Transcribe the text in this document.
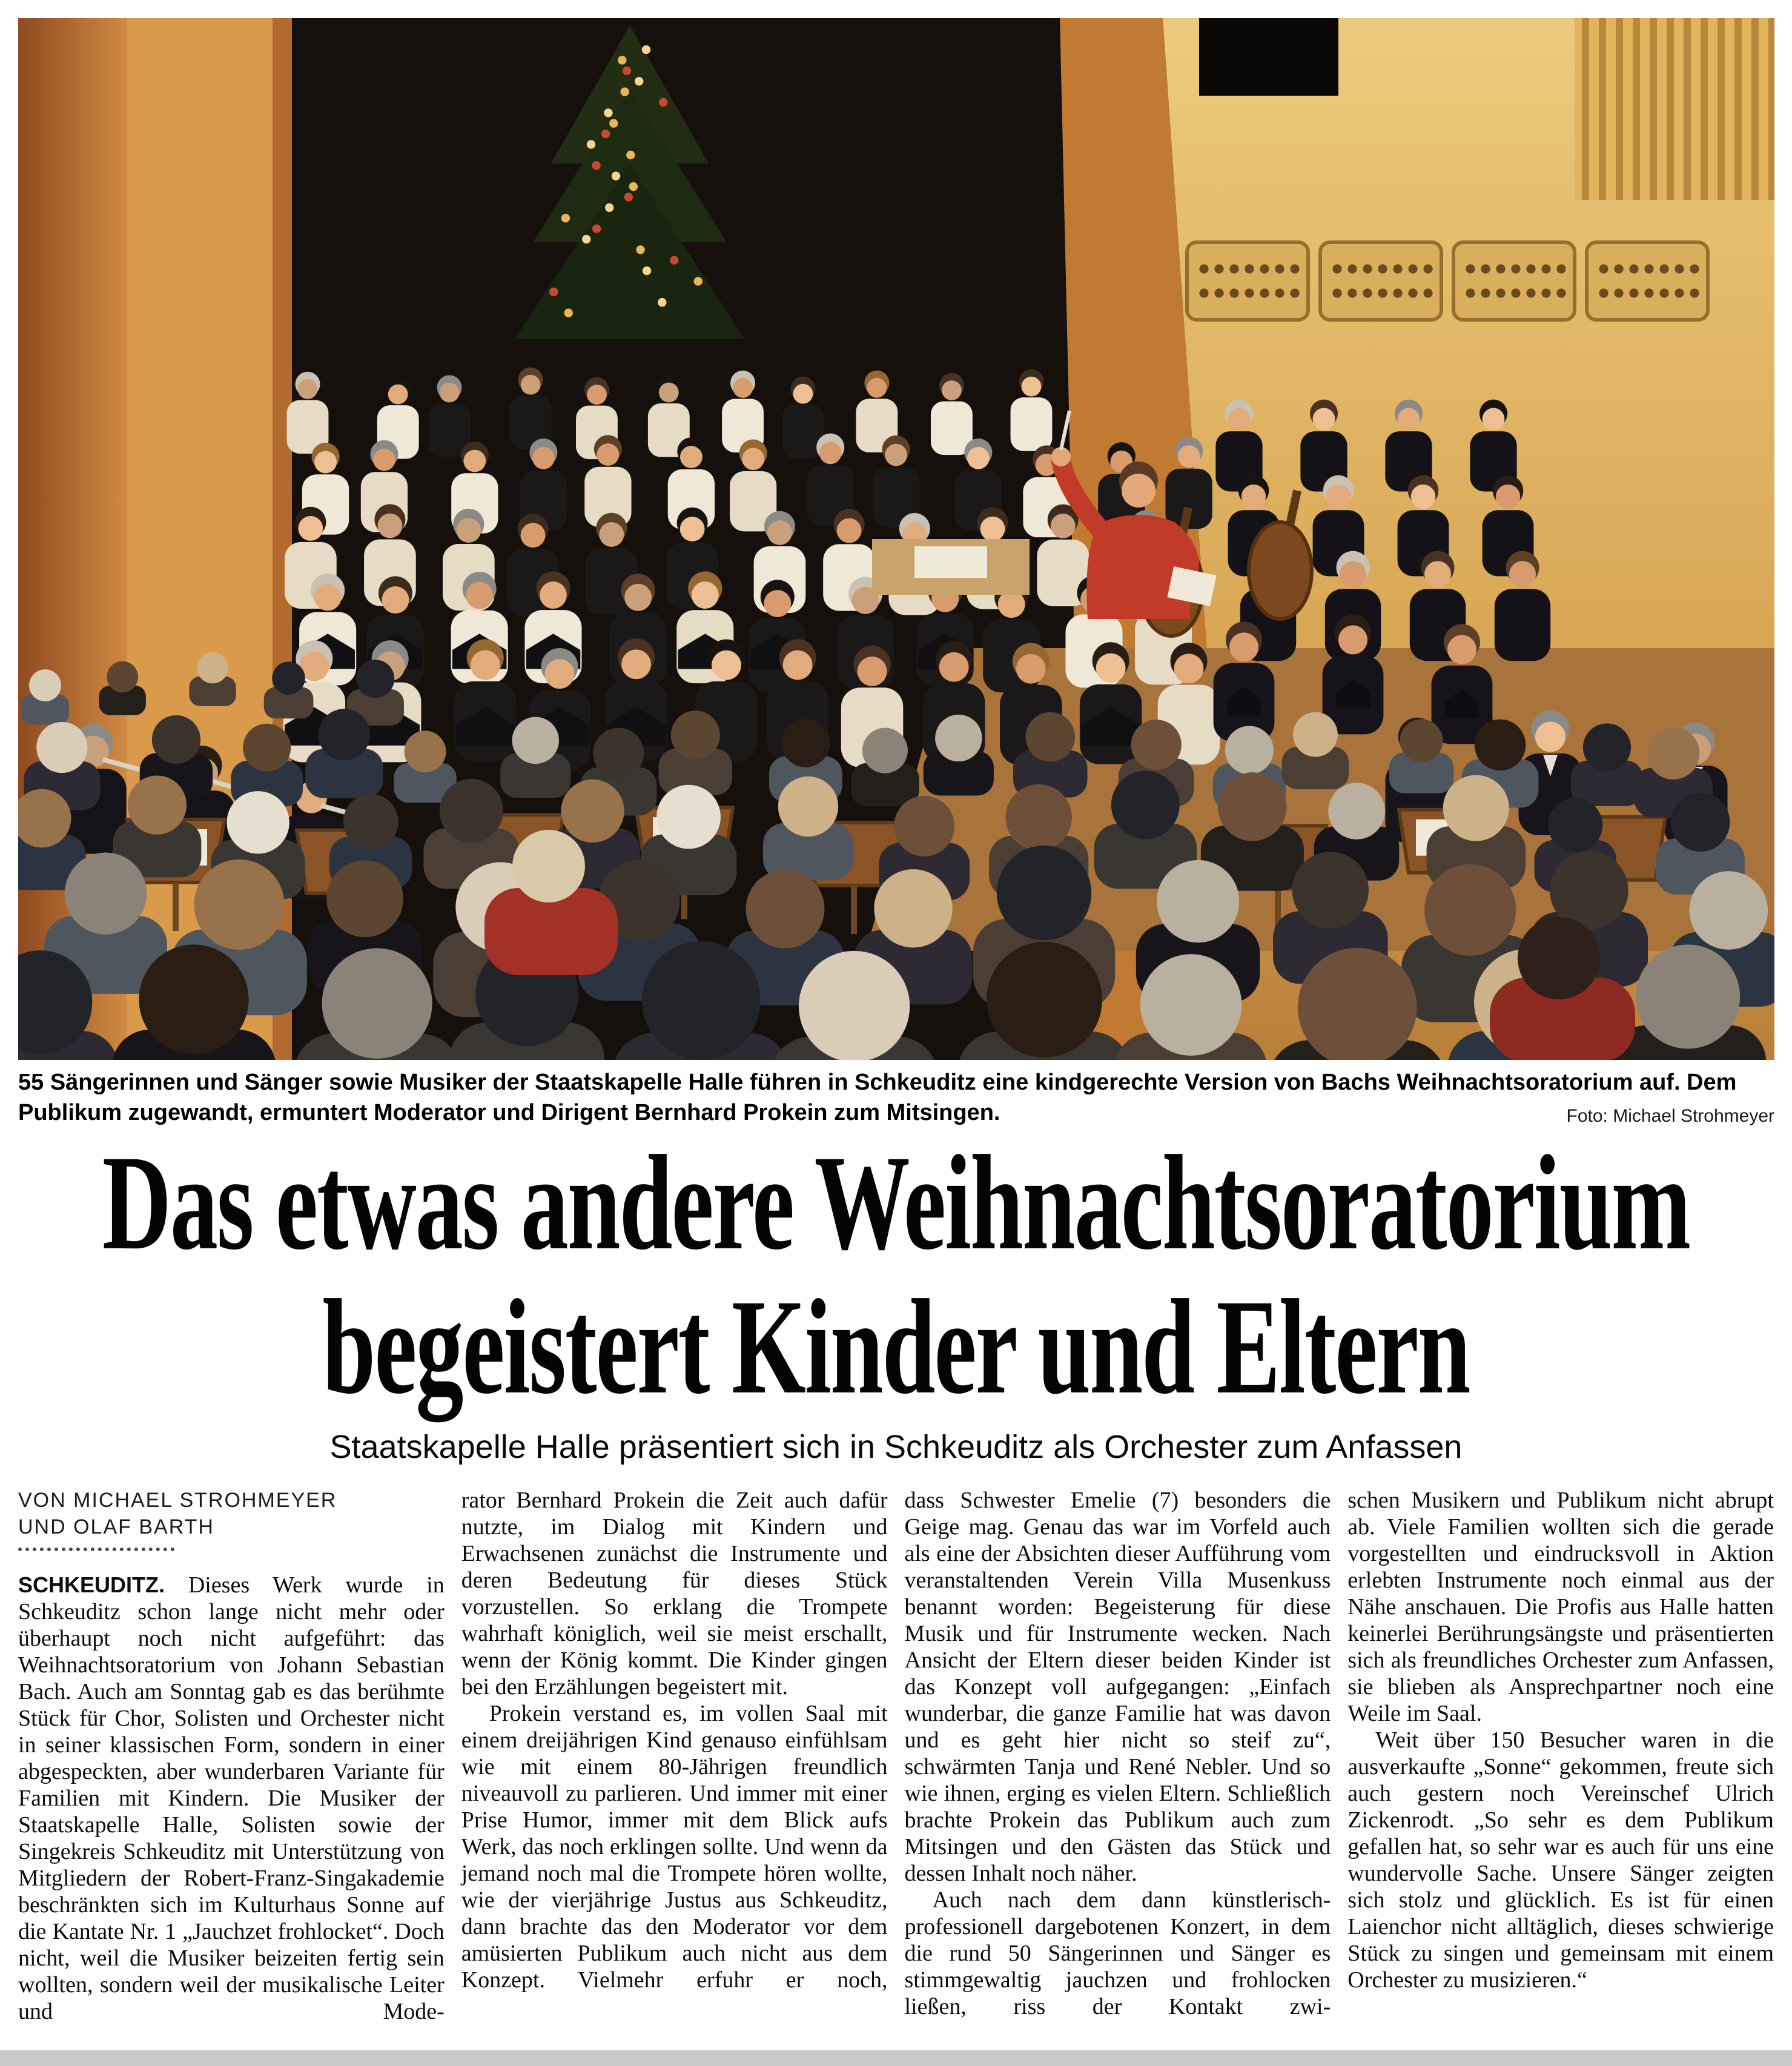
55 Sängerinnen und Sänger sowie Musiker der Staatskapelle Halle führen in Schkeuditz eine kindgerechte Version von Bachs Weihnachtsoratorium auf. Dem Publikum zugewandt, ermuntert Moderator und Dirigent Bernhard Prokein zum Mitsingen.	Foto: Michael Strohmeyer
Das etwas andere Weihnachtsoratorium
begeistert Kinder und Eltern
Staatskapelle Halle präsentiert sich in Schkeuditz als Orchester zum Anfassen
VON MICHAEL STROHMEYER
UND OLAF BARTH

SCHKEUDITZ. Dieses Werk wurde in Schkeuditz schon lange nicht mehr oder überhaupt noch nicht aufgeführt: das Weihnachtsoratorium von Johann Sebastian Bach. Auch am Sonntag gab es das berühmte Stück für Chor, Solisten und Orchester nicht in seiner klassischen Form, sondern in einer abgespeckten, aber wunderbaren Variante für Familien mit Kindern. Die Musiker der Staatskapelle Halle, Solisten sowie der Singekreis Schkeuditz mit Unterstützung von Mitgliedern der Robert-Franz-Singakademie beschränkten sich im Kulturhaus Sonne auf die Kantate Nr. 1 „Jauchzet frohlocket“. Doch nicht, weil die Musiker beizeiten fertig sein wollten, sondern weil der musikalische Leiter und Mode-

rator Bernhard Prokein die Zeit auch dafür nutzte, im Dialog mit Kindern und Erwachsenen zunächst die Instrumente und deren Bedeutung für dieses Stück vorzustellen. So erklang die Trompete wahrhaft königlich, weil sie meist erschallt, wenn der König kommt. Die Kinder gingen bei den Erzählungen begeistert mit.

Prokein verstand es, im vollen Saal mit einem dreijährigen Kind genauso einfühlsam wie mit einem 80-Jährigen freundlich niveauvoll zu parlieren. Und immer mit einer Prise Humor, immer mit dem Blick aufs Werk, das noch erklingen sollte. Und wenn da jemand noch mal die Trompete hören wollte, wie der vierjährige Justus aus Schkeuditz, dann brachte das den Moderator vor dem amüsierten Publikum auch nicht aus dem Konzept. Vielmehr erfuhr er noch,

dass Schwester Emelie (7) besonders die Geige mag. Genau das war im Vorfeld auch als eine der Absichten dieser Aufführung vom veranstaltenden Verein Villa Musenkuss benannt worden: Begeisterung für diese Musik und für Instrumente wecken. Nach Ansicht der Eltern dieser beiden Kinder ist das Konzept voll aufgegangen: „Einfach wunderbar, die ganze Familie hat was davon und es geht hier nicht so steif zu“, schwärmten Tanja und René Nebler. Und so wie ihnen, erging es vielen Eltern. Schließlich brachte Prokein das Publikum auch zum Mitsingen und den Gästen das Stück und dessen Inhalt noch näher.

Auch nach dem dann künstlerisch-professionell dargebotenen Konzert, in dem die rund 50 Sängerinnen und Sänger es stimmgewaltig jauchzen und frohlocken ließen, riss der Kontakt zwi-

schen Musikern und Publikum nicht abrupt ab. Viele Familien wollten sich die gerade vorgestellten und eindrucksvoll in Aktion erlebten Instrumente noch einmal aus der Nähe anschauen. Die Profis aus Halle hatten keinerlei Berührungsängste und präsentierten sich als freundliches Orchester zum Anfassen, sie blieben als Ansprechpartner noch eine Weile im Saal.

Weit über 150 Besucher waren in die ausverkaufte „Sonne“ gekommen, freute sich auch gestern noch Vereinschef Ulrich Zickenrodt. „So sehr es dem Publikum gefallen hat, so sehr war es auch für uns eine wundervolle Sache. Unsere Sänger zeigten sich stolz und glücklich. Es ist für einen Laienchor nicht alltäglich, dieses schwierige Stück zu singen und gemeinsam mit einem Orchester zu musizieren.“
